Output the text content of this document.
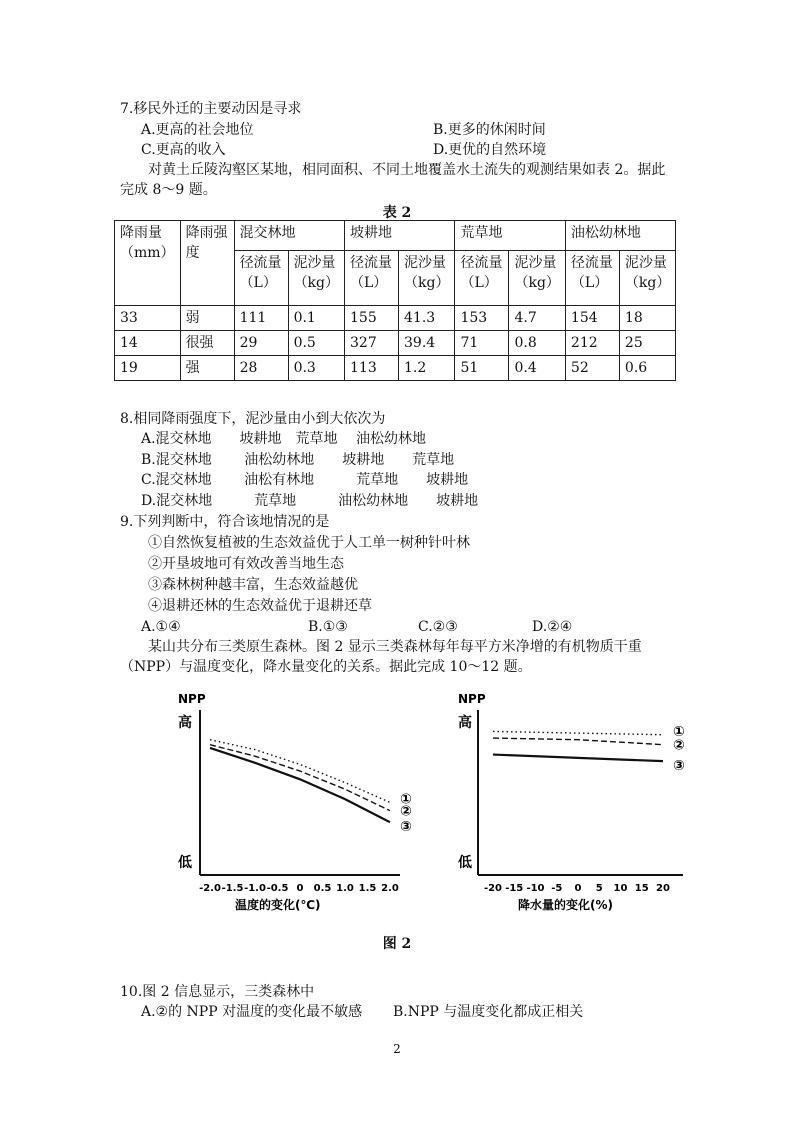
7.移民外迁的主要动因是寻求
A.更高的社会地位	B.更多的休闲时间
C.更高的收入	D.更优的自然环境
对黄土丘陵沟壑区某地，相同面积、不同土地覆盖水土流失的观测结果如表 2。据此
完成 8～9 题。
表 2
降雨量（mm）	降雨强度	混交林地		坡耕地		荒草地		油松幼林地	
		径流量（L）	泥沙量（kg）	径流量（L）	泥沙量（kg）	径流量（L）	泥沙量（kg）	径流量（L）	泥沙量（kg）
33	弱	111	0.1	155	41.3	153	4.7	154	18
14	很强	29	0.5	327	39.4	71	0.8	212	25
19	强	28	0.3	113	1.2	51	0.4	52	0.6
8.相同降雨强度下，泥沙量由小到大依次为
A.混交林地　　坡耕地　荒草地　 油松幼林地
B.混交林地　　 油松幼林地　　坡耕地　　荒草地
C.混交林地　　 油松有林地　　　荒草地　　坡耕地
D.混交林地　　　荒草地　　　油松幼林地　　坡耕地
9.下列判断中，符合该地情况的是
①自然恢复植被的生态效益优于人工单一树种针叶林
②开垦坡地可有效改善当地生态
③森林树种越丰富，生态效益越优
④退耕还林的生态效益优于退耕还草
A.①④	B.①③	C.②③	D.②④
某山共分布三类原生森林。图 2 显示三类森林每年每平方米净增的有机物质干重
（NPP）与温度变化，降水量变化的关系。据此完成 10～12 题。
NPP
高
低
-2.0 -1.5 -1.0 -0.5 0 0.5 1.0 1.5 2.0
①
②
③
温度的变化(℃)
NPP
高
低
-20 -15 -10 -5 0 5 10 15 20
①
②
③
降水量的变化(%)
图 2
10.图 2 信息显示，三类森林中
A.②的 NPP 对温度的变化最不敏感 B.NPP 与温度变化都成正相关
2
